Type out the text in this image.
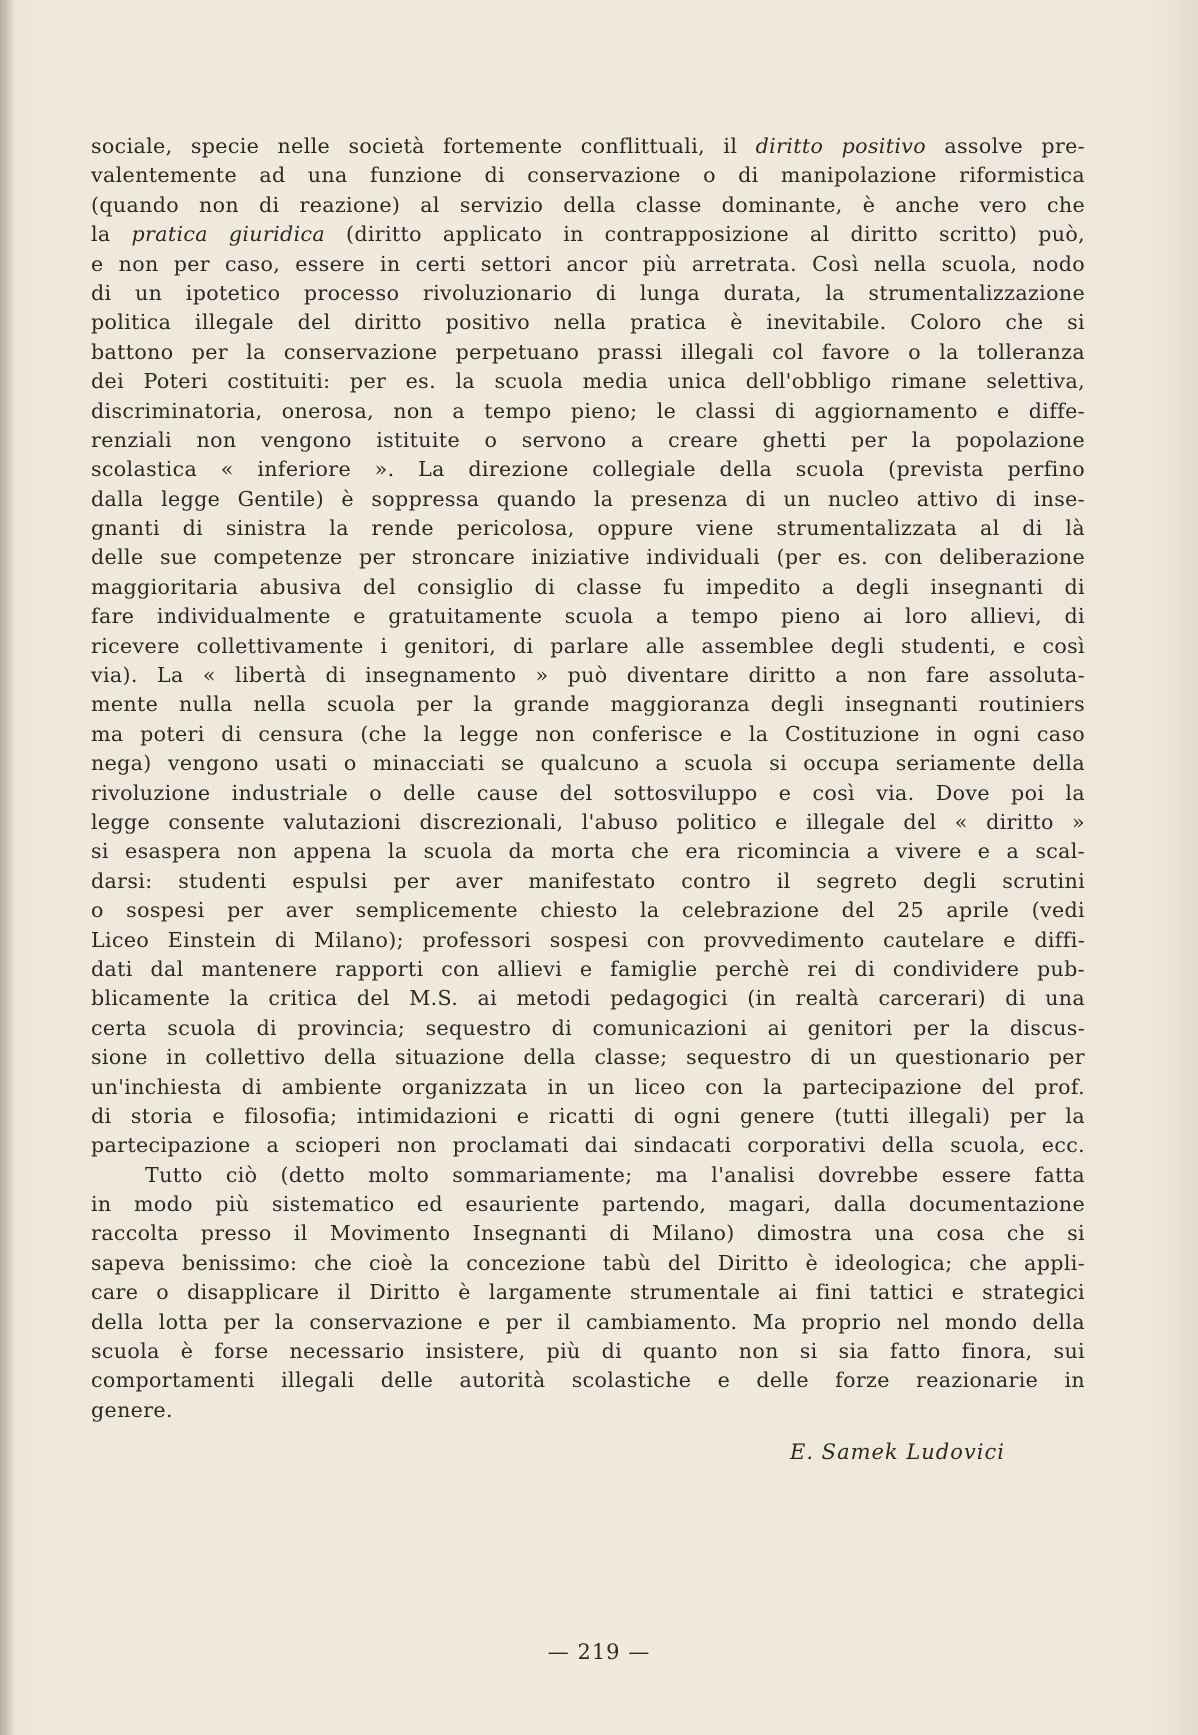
sociale, specie nelle società fortemente conflittuali, il diritto positivo assolve pre-
valentemente ad una funzione di conservazione o di manipolazione riformistica
(quando non di reazione) al servizio della classe dominante, è anche vero che
la pratica giuridica (diritto applicato in contrapposizione al diritto scritto) può,
e non per caso, essere in certi settori ancor più arretrata. Così nella scuola, nodo
di un ipotetico processo rivoluzionario di lunga durata, la strumentalizzazione
politica illegale del diritto positivo nella pratica è inevitabile. Coloro che si
battono per la conservazione perpetuano prassi illegali col favore o la tolleranza
dei Poteri costituiti: per es. la scuola media unica dell'obbligo rimane selettiva,
discriminatoria, onerosa, non a tempo pieno; le classi di aggiornamento e diffe-
renziali non vengono istituite o servono a creare ghetti per la popolazione
scolastica « inferiore ». La direzione collegiale della scuola (prevista perfino
dalla legge Gentile) è soppressa quando la presenza di un nucleo attivo di inse-
gnanti di sinistra la rende pericolosa, oppure viene strumentalizzata al di là
delle sue competenze per stroncare iniziative individuali (per es. con deliberazione
maggioritaria abusiva del consiglio di classe fu impedito a degli insegnanti di
fare individualmente e gratuitamente scuola a tempo pieno ai loro allievi, di
ricevere collettivamente i genitori, di parlare alle assemblee degli studenti, e così
via). La « libertà di insegnamento » può diventare diritto a non fare assoluta-
mente nulla nella scuola per la grande maggioranza degli insegnanti routiniers
ma poteri di censura (che la legge non conferisce e la Costituzione in ogni caso
nega) vengono usati o minacciati se qualcuno a scuola si occupa seriamente della
rivoluzione industriale o delle cause del sottosviluppo e così via. Dove poi la
legge consente valutazioni discrezionali, l'abuso politico e illegale del « diritto »
si esaspera non appena la scuola da morta che era ricomincia a vivere e a scal-
darsi: studenti espulsi per aver manifestato contro il segreto degli scrutini
o sospesi per aver semplicemente chiesto la celebrazione del 25 aprile (vedi
Liceo Einstein di Milano); professori sospesi con provvedimento cautelare e diffi-
dati dal mantenere rapporti con allievi e famiglie perchè rei di condividere pub-
blicamente la critica del M.S. ai metodi pedagogici (in realtà carcerari) di una
certa scuola di provincia; sequestro di comunicazioni ai genitori per la discus-
sione in collettivo della situazione della classe; sequestro di un questionario per
un'inchiesta di ambiente organizzata in un liceo con la partecipazione del prof.
di storia e filosofia; intimidazioni e ricatti di ogni genere (tutti illegali) per la
partecipazione a scioperi non proclamati dai sindacati corporativi della scuola, ecc.
Tutto ciò (detto molto sommariamente; ma l'analisi dovrebbe essere fatta
in modo più sistematico ed esauriente partendo, magari, dalla documentazione
raccolta presso il Movimento Insegnanti di Milano) dimostra una cosa che si
sapeva benissimo: che cioè la concezione tabù del Diritto è ideologica; che appli-
care o disapplicare il Diritto è largamente strumentale ai fini tattici e strategici
della lotta per la conservazione e per il cambiamento. Ma proprio nel mondo della
scuola è forse necessario insistere, più di quanto non si sia fatto finora, sui
comportamenti illegali delle autorità scolastiche e delle forze reazionarie in
genere.
E. Samek Ludovici
— 219 —
